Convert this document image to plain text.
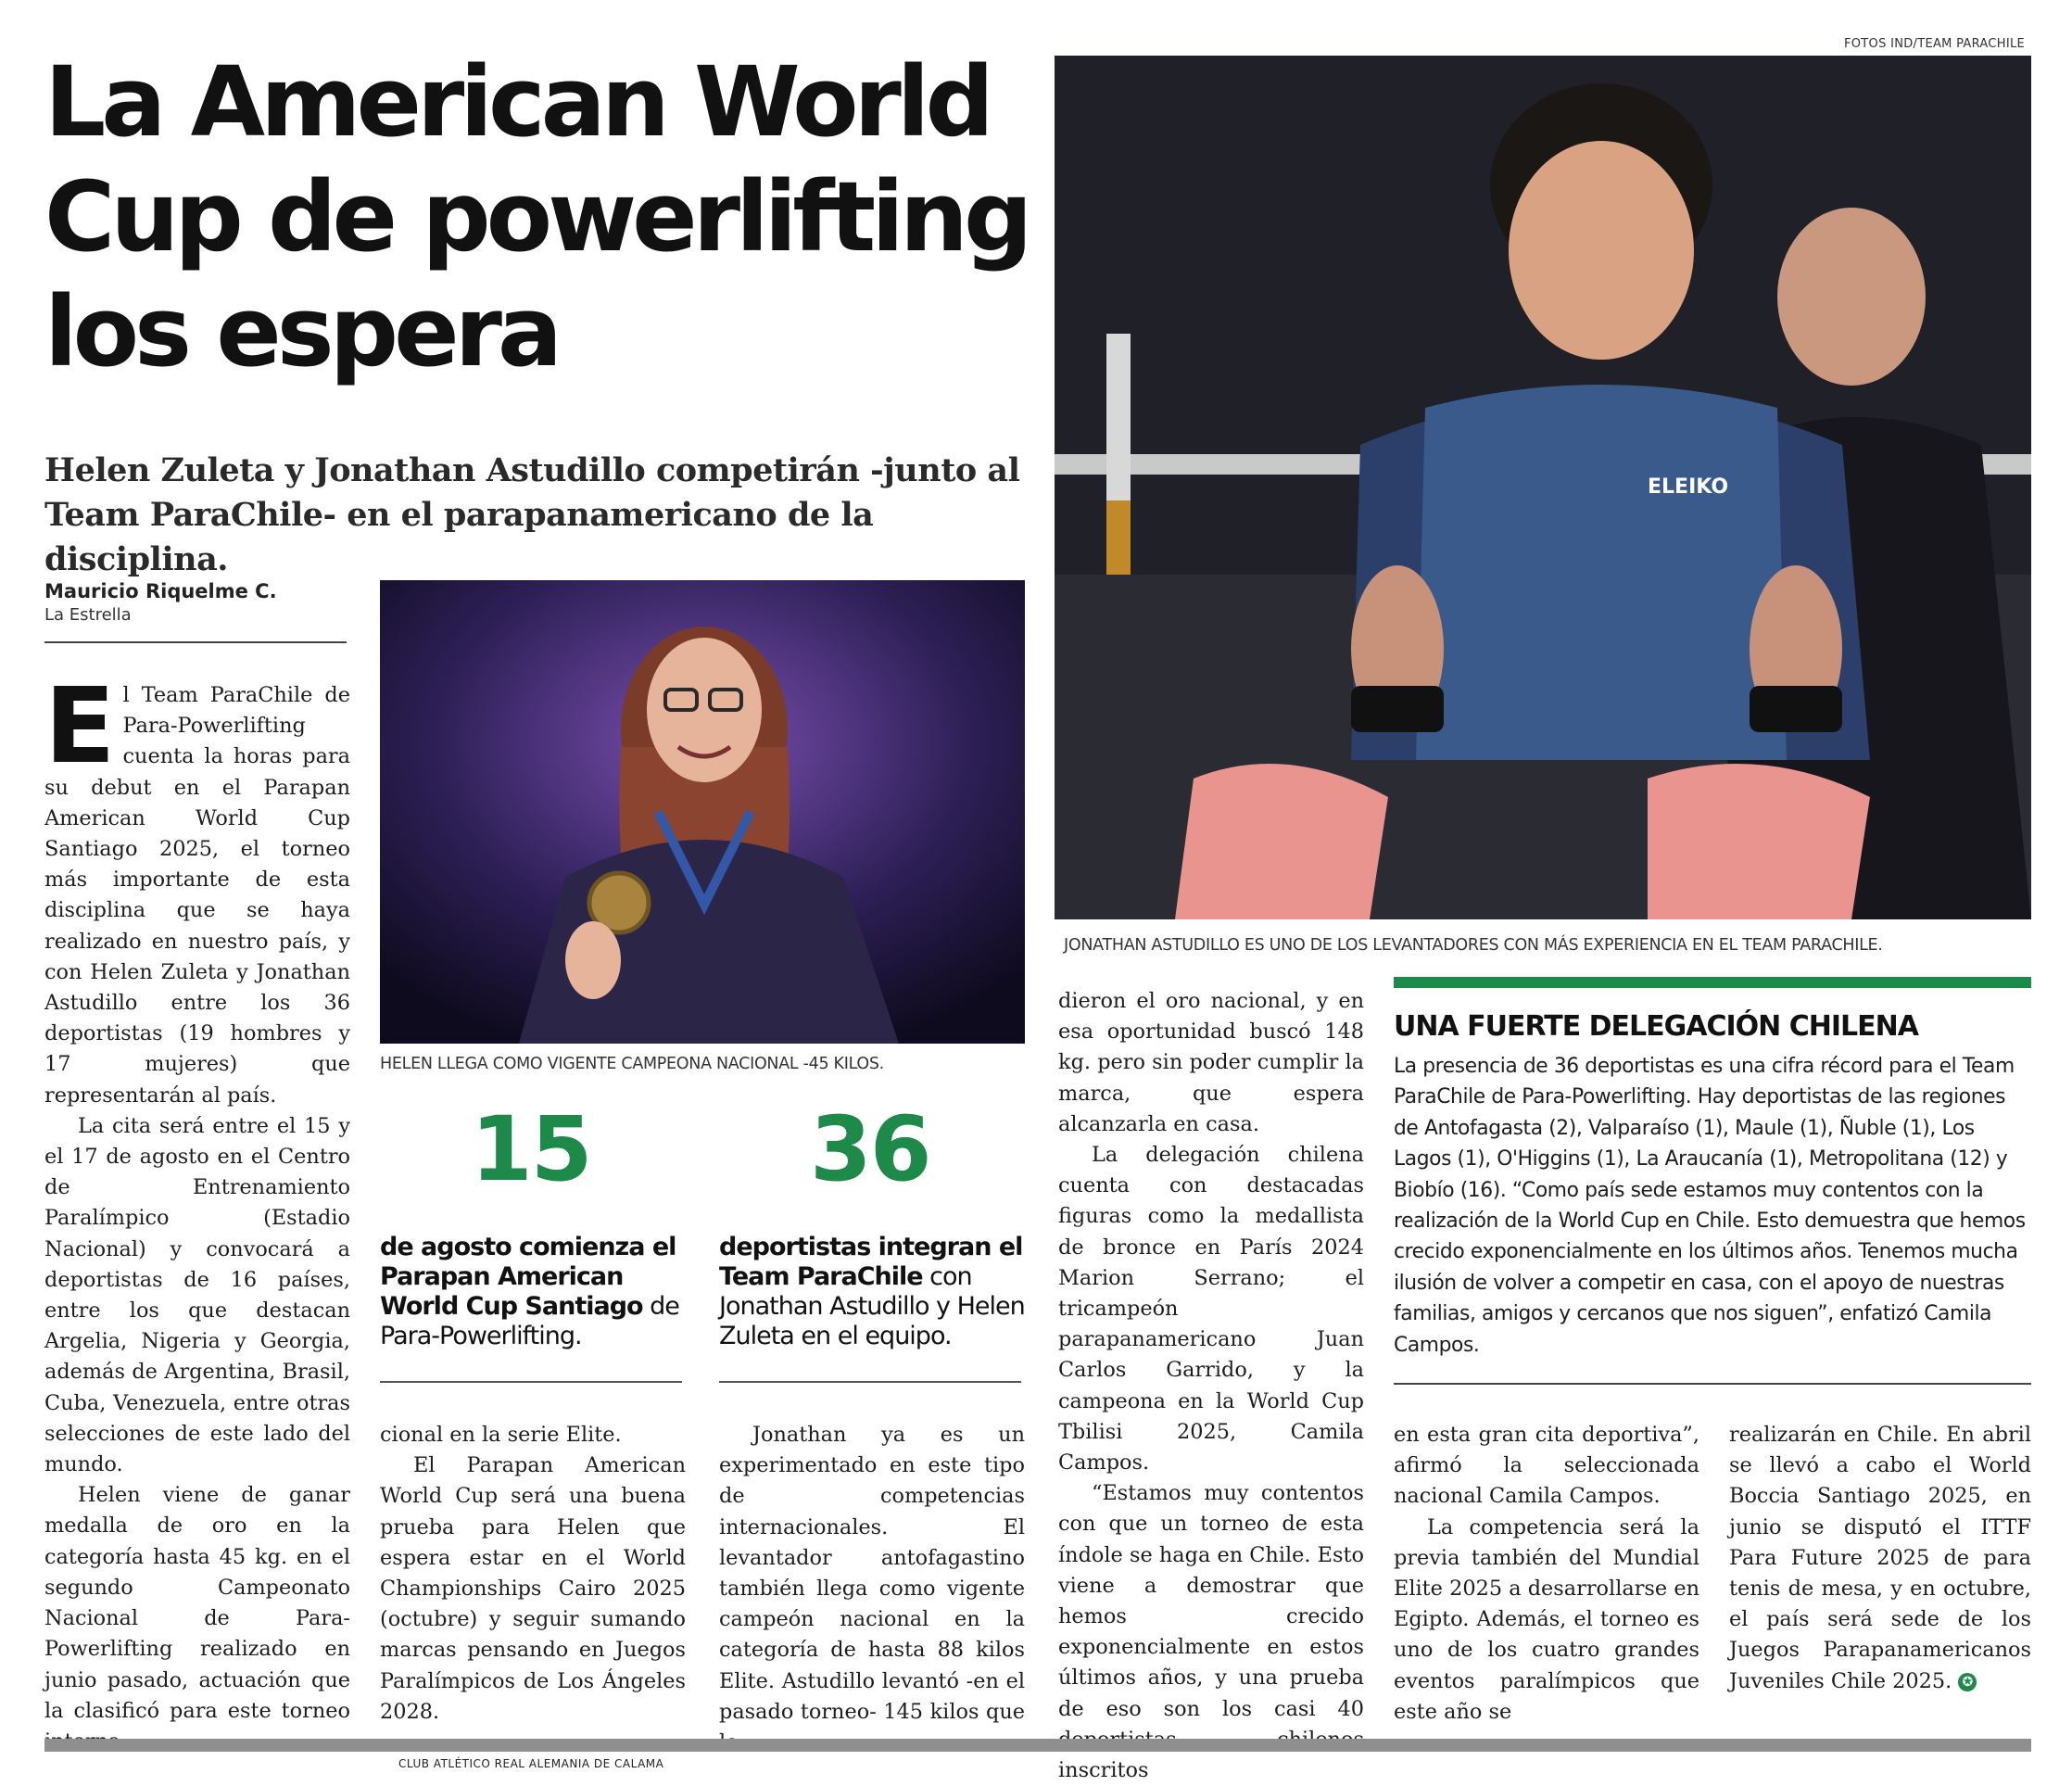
La American World
Cup de powerlifting
los espera
Helen Zuleta y Jonathan Astudillo competirán -junto al
Team ParaChile- en el parapanamericano de la disciplina.
Mauricio Riquelme C.
La Estrella

El Team ParaChile de Para-Powerlifting cuenta la horas para su debut en el Parapan American World Cup Santiago 2025, el torneo más importante de esta disciplina que se haya realizado en nuestro país, y con Helen Zuleta y Jonathan Astudillo entre los 36 deportistas (19 hombres y 17 mujeres) que representarán al país.

La cita será entre el 15 y el 17 de agosto en el Centro de Entrenamiento Paralímpico (Estadio Nacional) y convocará a deportistas de 16 países, entre los que destacan Argelia, Nigeria y Georgia, además de Argentina, Brasil, Cuba, Venezuela, entre otras selecciones de este lado del mundo.

Helen viene de ganar medalla de oro en la categoría hasta 45 kg. en el segundo Campeonato Nacional de Para-Powerlifting realizado en junio pasado, actuación que la clasificó para este torneo

HELEN LLEGA COMO VIGENTE CAMPEONA NACIONAL -45 KILOS.
15
de agosto comienza el Parapan American World Cup Santiago de Para-Powerlifting.
36
deportistas integran el Team ParaChile con Jonathan Astudillo y Helen Zuleta en el equipo.

cional en la serie Elite.

El Parapan American World Cup será una buena prueba para Helen que espera estar en el World Championships Cairo 2025 (octubre) y seguir sumando marcas pensando en Juegos Paralímpicos de Los Ángeles 2028.

Jonathan ya es un experimentado en este tipo de competencias internacionales. El levantador antofagastino también llega como vigente campeón nacional en la categoría de hasta 88 kilos Elite. Astudillo levantó -en el pasado torneo- 145 kilos que

FOTOS IND/TEAM PARACHILE
ELEIKO
JONATHAN ASTUDILLO ES UNO DE LOS LEVANTADORES CON MÁS EXPERIENCIA EN EL TEAM PARACHILE.

dieron el oro nacional, y en esa oportunidad buscó 148 kg. pero sin poder cumplir la marca, que espera alcanzarla en casa.

La delegación chilena cuenta con destacadas figuras como la medallista de bronce en París 2024 Marion Serrano; el tricampeón parapanamericano Juan Carlos Garrido, y la campeona en la World Cup Tbilisi 2025, Camila Campos.

“Estamos muy contentos con que un torneo de esta índole se haga en Chile. Esto viene a demostrar que hemos crecido exponencialmente en estos últimos años, y una prueba de eso son los casi 40 inscritos

UNA FUERTE DELEGACIÓN CHILENA
La presencia de 36 deportistas es una cifra récord para el Team ParaChile de Para-Powerlifting. Hay deportistas de las regiones de Antofagasta (2), Valparaíso (1), Maule (1), Ñuble (1), Los Lagos (1), O'Higgins (1), La Araucanía (1), Metropolitana (12) y Biobío (16). “Como país sede estamos muy contentos con la realización de la World Cup en Chile. Esto demuestra que hemos crecido exponencialmente en los últimos años. Tenemos mucha ilusión de volver a competir en casa, con el apoyo de nuestras familias, amigos y cercanos que nos siguen”, enfatizó Camila Campos.

en esta gran cita deportiva”, afirmó la seleccionada nacional Camila Campos.

La competencia será la previa también del Mundial Elite 2025 a desarrollarse en Egipto. Además, el torneo es uno de los cuatro grandes eventos paralímpicos que este año se

realizarán en Chile. En abril se llevó a cabo el World Boccia Santiago 2025, en junio se disputó el ITTF Para Future 2025 de para tenis de mesa, y en octubre, el país será sede de los Juegos Parapanamericanos Juveniles Chile 2025. ✪

CLUB ATLÉTICO REAL ALEMANIA DE CALAMA
